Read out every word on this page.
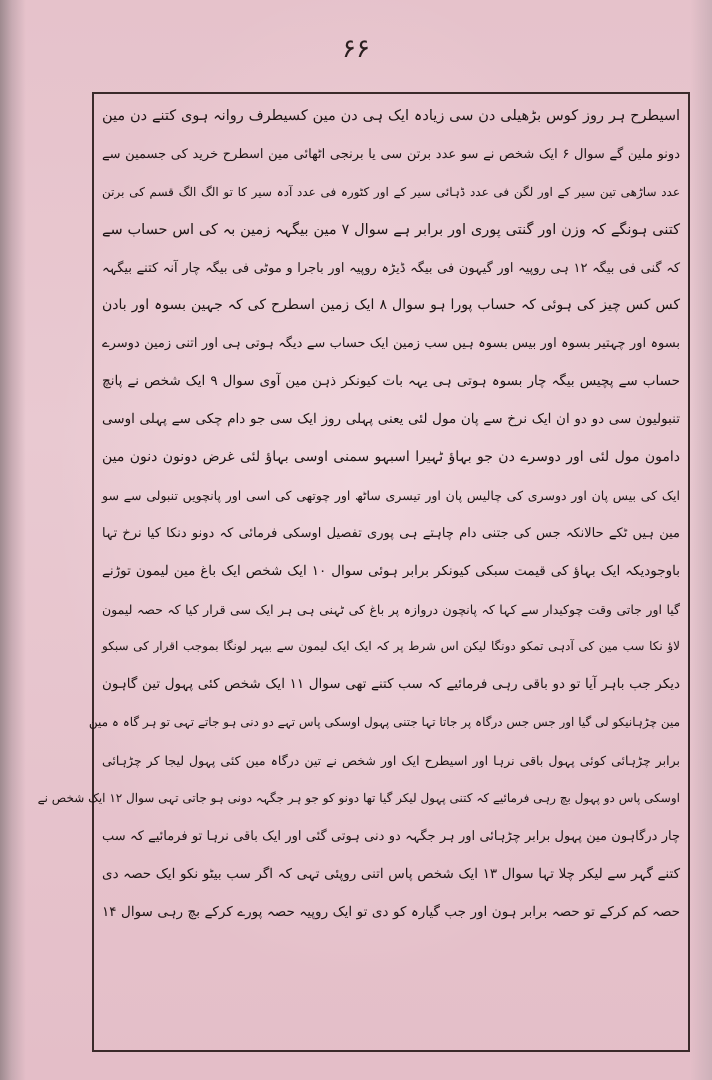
۶۶
اسیطرح ہر روز کوس بڑھیلی دن سی زیادہ ایک ہی دن مین کسیطرف روانہ ہوی کتنے دن مین
دونو ملین گے سوال ۶ ایک شخص نے سو عدد برتن سی یا برنجی اٹھائی مین اسطرح خرید کی جسمین سے
عدد ساڑھی تین سیر کے اور لگن فی عدد ڈہائی سیر کے اور کٹورہ فی عدد آدہ سیر کا تو الگ الگ قسم کی برتن
کتنی ہونگے کہ وزن اور گنتی پوری اور برابر ہے سوال ۷ مین بیگہہ زمین بہ کی اس حساب سے
کہ گنی فی بیگہ ۱۲ ہی روپیہ اور گیہون فی بیگہ ڈیڑہ روپیہ اور باجرا و موٹی فی بیگہ چار آنہ کتنے بیگہہ
کس کس چیز کی ہوئی کہ حساب پورا ہو سوال ۸ ایک زمین اسطرح کی کہ جہین بسوہ اور بادن
بسوہ اور چہتیر بسوہ اور بیس بسوہ ہیں سب زمین ایک حساب سے دیگہ ہوتی ہی اور اتنی زمین دوسرے
حساب سے پچیس بیگہ چار بسوہ ہوتی ہی یہہ بات کیونکر ذہن مین آوی سوال ۹ ایک شخص نے پانچ
تنبولیون سی دو دو ان ایک نرخ سے پان مول لئی یعنی پہلی روز ایک سی جو دام چکی سے پہلی اوسی
دامون مول لئی اور دوسرے دن جو بہاؤ ٹہیرا اسبہو سمنی اوسی بہاؤ لئی غرض دونون دنون مین
ایک کی بیس پان اور دوسری کی چالیس پان اور تیسری ساٹھ اور چوتھی کی اسی اور پانچویں تنبولی سے سو
مین ہیں ٹکے حالانکہ جس کی جتنی دام چاہتے ہی پوری تفصیل اوسکی فرمائی کہ دونو دنکا کیا نرخ تہا
باوجودیکہ ایک بہاؤ کی قیمت سبکی کیونکر برابر ہوئی سوال ۱۰ ایک شخص ایک باغ مین لیمون توڑنے
گیا اور جاتی وقت چوکیدار سے کہا کہ پانچون دروازہ پر باغ کی ٹہنی ہی ہر ایک سی قرار کیا کہ حصہ لیمون
لاؤ نکا سب مین کی آدہی تمکو دونگا لیکن اس شرط پر کہ ایک ایک لیمون سے بیہر لونگا بموجب اقرار کی سبکو
دیکر جب باہر آیا تو دو باقی رہی فرمائیے کہ سب کتنے تھی سوال ۱۱ ایک شخص کئی پہول تین گاہون
مین چڑہانیکو لی گیا اور جس جس درگاہ پر جاتا تہا جتنی پہول اوسکی پاس تہے دو دنی ہو جاتے تہی تو ہر گاہ ہ مین
برابر چڑہائی کوئی پہول باقی نرہا اور اسیطرح ایک اور شخص نے تین درگاہ مین کئی پہول لیجا کر چڑہائی
اوسکی پاس دو پہول بچ رہی فرمائیے کہ کتنی پہول لیکر گیا تھا دونو کو جو ہر جگہہ دونی ہو جاتی تہی سوال ۱۲ ایک شخص نے
چار درگاہون مین پہول برابر چڑہائی اور ہر جگہہ دو دنی ہوتی گئی اور ایک باقی نرہا تو فرمائیے کہ سب
کتنے گہر سے لیکر چلا تہا سوال ۱۳ ایک شخص پاس اتنی روپئی تہی کہ اگر سب بیٹو نکو ایک حصہ دی
حصہ کم کرکے تو حصہ برابر ہون اور جب گیارہ کو دی تو ایک روپیہ حصہ پورے کرکے بچ رہی سوال ۱۴
